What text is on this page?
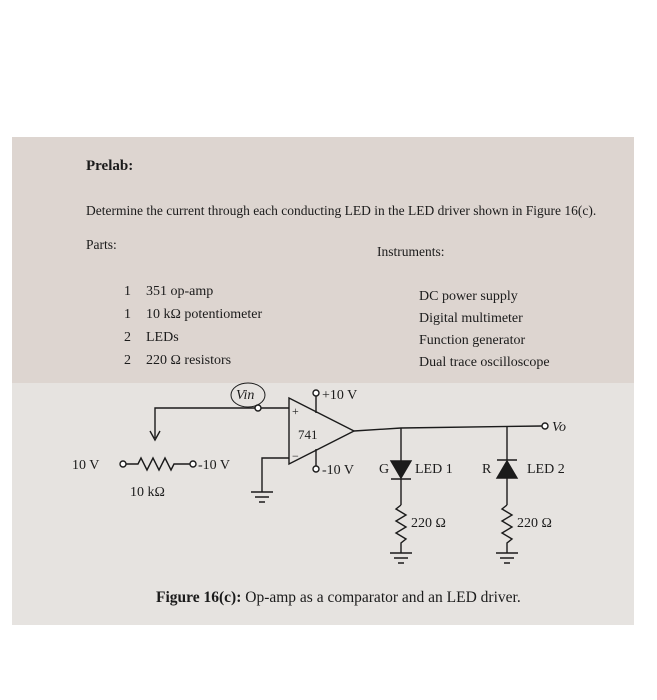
Prelab:
Determine the current through each conducting LED in the LED driver shown in Figure 16(c).
Parts:	Instruments:
1 351 op-amp
1 10 kΩ potentiometer
2 LEDs
2 220 Ω resistors
DC power supply
Digital multimeter
Function generator
Dual trace oscilloscope
Vin	+10 V
-10 V
741
+
−
10 V	-10 V
10 kΩ
G LED 1 R	LED 2
220 Ω	220 Ω
Vo
Figure 16(c): Op-amp as a comparator and an LED driver.
